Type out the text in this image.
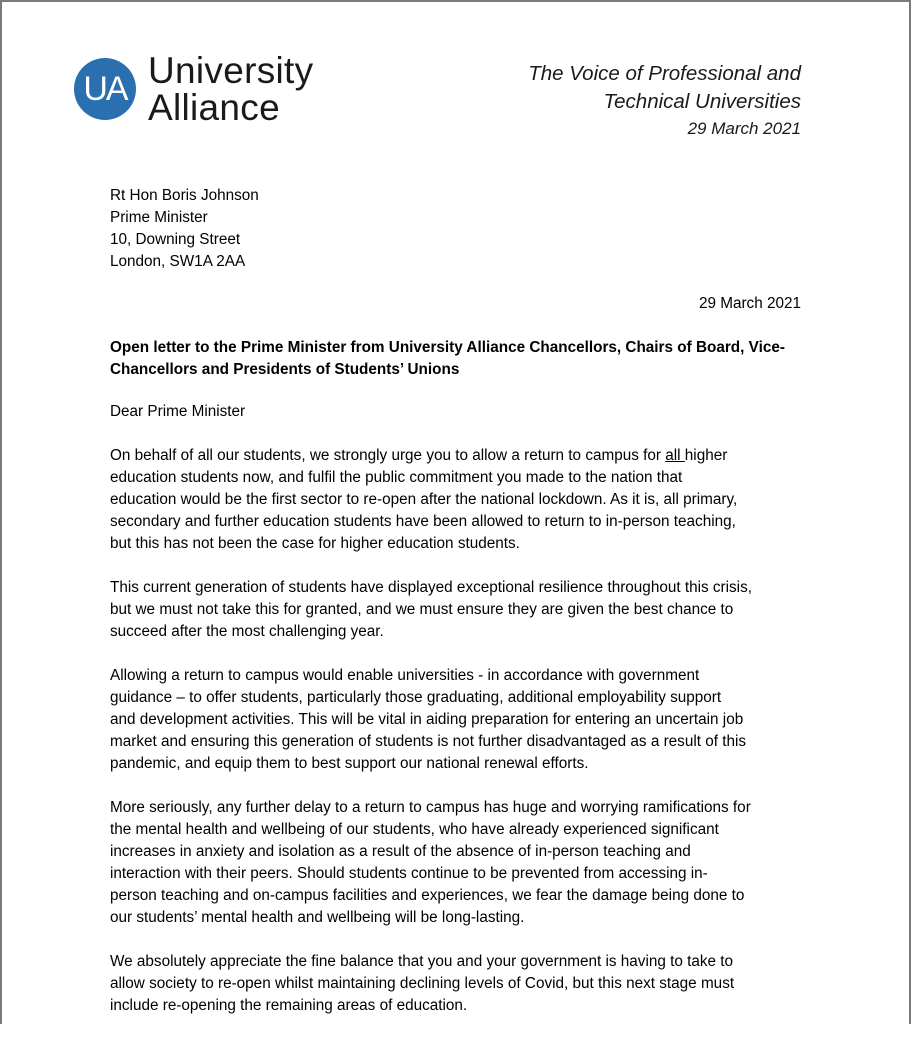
UA University
Alliance
The Voice of Professional and
Technical Universities
29 March 2021
Rt Hon Boris Johnson
Prime Minister
10, Downing Street
London, SW1A 2AA
29 March 2021
Open letter to the Prime Minister from University Alliance Chancellors, Chairs of Board, Vice-
Chancellors and Presidents of Students’ Unions
Dear Prime Minister

On behalf of all our students, we strongly urge you to allow a return to campus for all higher
education students now, and fulfil the public commitment you made to the nation that
education would be the first sector to re-open after the national lockdown. As it is, all primary,
secondary and further education students have been allowed to return to in-person teaching,
but this has not been the case for higher education students.

This current generation of students have displayed exceptional resilience throughout this crisis,
but we must not take this for granted, and we must ensure they are given the best chance to
succeed after the most challenging year.

Allowing a return to campus would enable universities - in accordance with government
guidance – to offer students, particularly those graduating, additional employability support
and development activities. This will be vital in aiding preparation for entering an uncertain job
market and ensuring this generation of students is not further disadvantaged as a result of this
pandemic, and equip them to best support our national renewal efforts.

More seriously, any further delay to a return to campus has huge and worrying ramifications for
the mental health and wellbeing of our students, who have already experienced significant
increases in anxiety and isolation as a result of the absence of in-person teaching and
interaction with their peers. Should students continue to be prevented from accessing in-
person teaching and on-campus facilities and experiences, we fear the damage being done to
our students’ mental health and wellbeing will be long-lasting.

We absolutely appreciate the fine balance that you and your government is having to take to
allow society to re-open whilst maintaining declining levels of Covid, but this next stage must
include re-opening the remaining areas of education.
